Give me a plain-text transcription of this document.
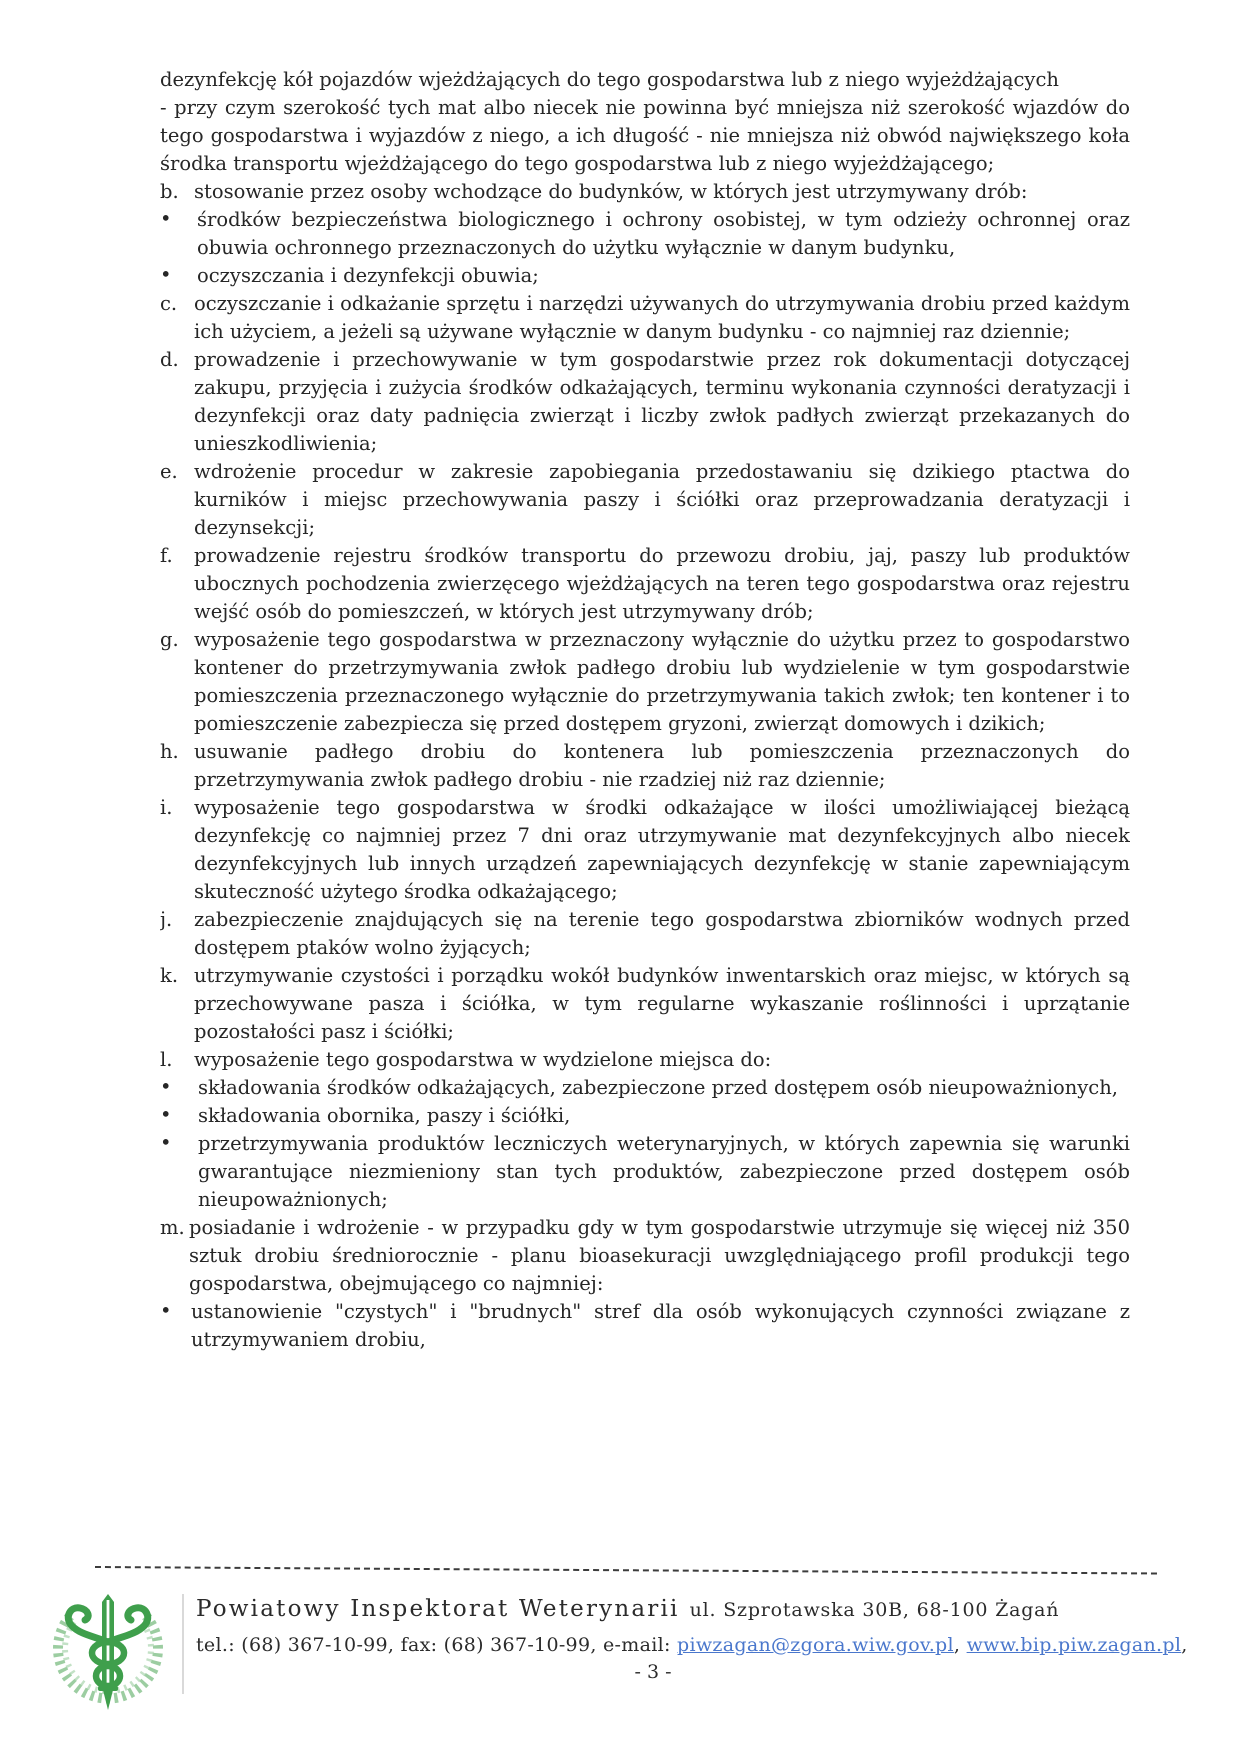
dezynfekcję kół pojazdów wjeżdżających do tego gospodarstwa lub z niego wyjeżdżających

- przy czym szerokość tych mat albo niecek nie powinna być mniejsza niż szerokość wjazdów do tego gospodarstwa i wyjazdów z niego, a ich długość - nie mniejsza niż obwód największego koła środka transportu wjeżdżającego do tego gospodarstwa lub z niego wyjeżdżającego;

b. stosowanie przez osoby wchodzące do budynków, w których jest utrzymywany drób:
• środków bezpieczeństwa biologicznego i ochrony osobistej, w tym odzieży ochronnej oraz obuwia ochronnego przeznaczonych do użytku wyłącznie w danym budynku,
• oczyszczania i dezynfekcji obuwia;
c. oczyszczanie i odkażanie sprzętu i narzędzi używanych do utrzymywania drobiu przed każdym ich użyciem, a jeżeli są używane wyłącznie w danym budynku - co najmniej raz dziennie;
d. prowadzenie i przechowywanie w tym gospodarstwie przez rok dokumentacji dotyczącej zakupu, przyjęcia i zużycia środków odkażających, terminu wykonania czynności deratyzacji i dezynfekcji oraz daty padnięcia zwierząt i liczby zwłok padłych zwierząt przekazanych do unieszkodliwienia;
e. wdrożenie procedur w zakresie zapobiegania przedostawaniu się dzikiego ptactwa do kurników i miejsc przechowywania paszy i ściółki oraz przeprowadzania deratyzacji i dezynsekcji;
f. prowadzenie rejestru środków transportu do przewozu drobiu, jaj, paszy lub produktów ubocznych pochodzenia zwierzęcego wjeżdżających na teren tego gospodarstwa oraz rejestru wejść osób do pomieszczeń, w których jest utrzymywany drób;
g. wyposażenie tego gospodarstwa w przeznaczony wyłącznie do użytku przez to gospodarstwo kontener do przetrzymywania zwłok padłego drobiu lub wydzielenie w tym gospodarstwie pomieszczenia przeznaczonego wyłącznie do przetrzymywania takich zwłok; ten kontener i to pomieszczenie zabezpiecza się przed dostępem gryzoni, zwierząt domowych i dzikich;
h. usuwanie padłego drobiu do kontenera lub pomieszczenia przeznaczonych do przetrzymywania zwłok padłego drobiu - nie rzadziej niż raz dziennie;
i. wyposażenie tego gospodarstwa w środki odkażające w ilości umożliwiającej bieżącą dezynfekcję co najmniej przez 7 dni oraz utrzymywanie mat dezynfekcyjnych albo niecek dezynfekcyjnych lub innych urządzeń zapewniających dezynfekcję w stanie zapewniającym skuteczność użytego środka odkażającego;
j. zabezpieczenie znajdujących się na terenie tego gospodarstwa zbiorników wodnych przed dostępem ptaków wolno żyjących;
k. utrzymywanie czystości i porządku wokół budynków inwentarskich oraz miejsc, w których są przechowywane pasza i ściółka, w tym regularne wykaszanie roślinności i uprzątanie pozostałości pasz i ściółki;
l. wyposażenie tego gospodarstwa w wydzielone miejsca do:
• składowania środków odkażających, zabezpieczone przed dostępem osób nieupoważnionych,
• składowania obornika, paszy i ściółki,
• przetrzymywania produktów leczniczych weterynaryjnych, w których zapewnia się warunki gwarantujące niezmieniony stan tych produktów, zabezpieczone przed dostępem osób nieupoważnionych;
m. posiadanie i wdrożenie - w przypadku gdy w tym gospodarstwie utrzymuje się więcej niż 350 sztuk drobiu średniorocznie - planu bioasekuracji uwzględniającego profil produkcji tego gospodarstwa, obejmującego co najmniej:
• ustanowienie "czystych" i "brudnych" stref dla osób wykonujących czynności związane z utrzymywaniem drobiu,
Powiatowy Inspektorat Weterynarii ul. Szprotawska 30B, 68-100 Żagań
tel.: (68) 367-10-99, fax: (68) 367-10-99, e-mail: piwzagan@zgora.wiw.gov.pl, www.bip.piw.zagan.pl,
- 3 -
